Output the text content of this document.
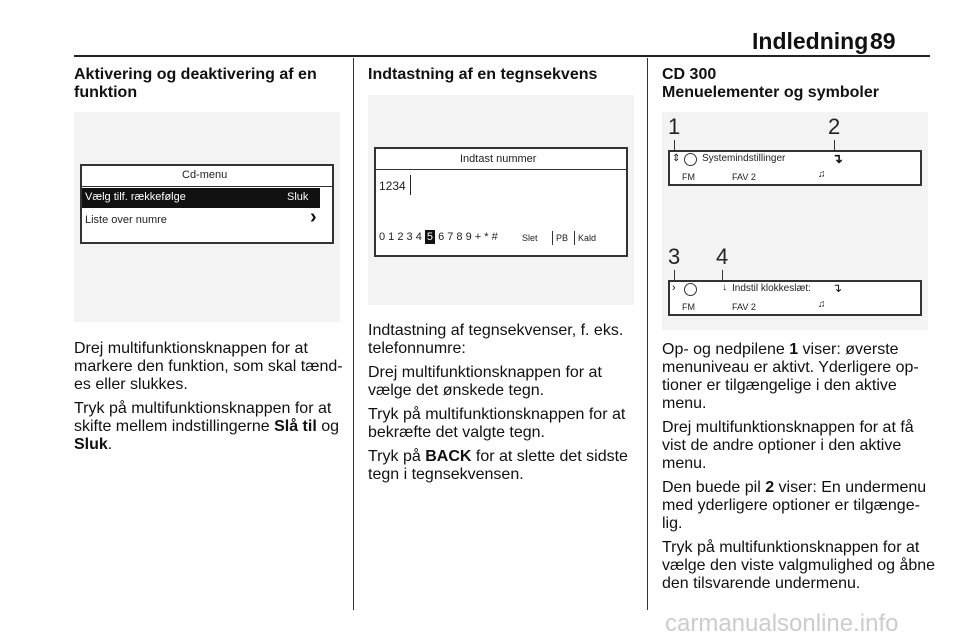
Indledning 89
Aktivering og deaktivering af en funktion
Cd-menu
Vælg tilf. rækkefølge	Sluk
Liste over numre	›

Drej multifunktionsknappen for at markere den funktion, som skal tænd-es eller slukkes.

Tryk på multifunktionsknappen for at skifte mellem indstillingerne Slå til og Sluk.

Indtastning af en tegnsekvens
Indtast nummer
1234
0 1 2 3 4 5 6 7 8 9 + * #	Slet PB Kald

Indtastning af tegnsekvenser, f. eks. telefonnumre:

Drej multifunktionsknappen for at vælge det ønskede tegn.

Tryk på multifunktionsknappen for at bekræfte det valgte tegn.

Tryk på BACK for at slette det sidste tegn i tegnsekvensen.

CD 300
Menuelementer og symboler
1	2
⇕ Systemindstillinger	↴
FM	FAV 2	♫
3 4
›	↓ Indstil klokkeslæt: ↴
FM	FAV 2	♫

Op- og nedpilene 1 viser: øverste menuniveau er aktivt. Yderligere op-tioner er tilgængelige i den aktive menu.

Drej multifunktionsknappen for at få vist de andre optioner i den aktive menu.

Den buede pil 2 viser: En undermenu med yderligere optioner er tilgænge-lig.

Tryk på multifunktionsknappen for at vælge den viste valgmulighed og åbne den tilsvarende undermenu.

carmanualsonline.info
